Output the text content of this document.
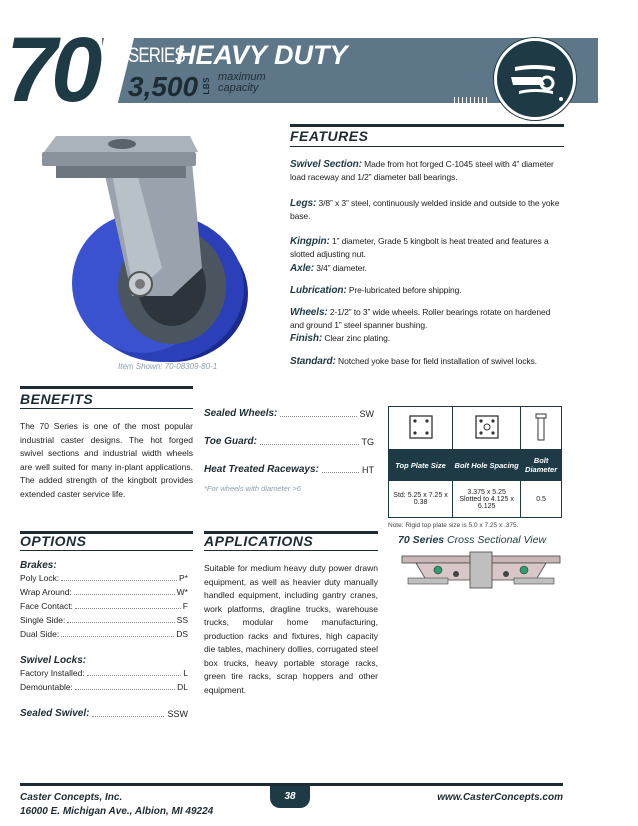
70 SERIES
HEAVY DUTY
3,500 LBS maximum
capacity
Item Shown: 70-08309-80-1
FEATURES
Swivel Section: Made from hot forged C-1045 steel with 4” diameter load raceway and 1/2” diameter ball bearings.
Legs: 3/8” x 3” steel, continuously welded inside and outside to the yoke base.
Kingpin: 1” diameter, Grade 5 kingbolt is heat treated and features a slotted adjusting nut.
Axle: 3/4” diameter.
Lubrication: Pre-lubricated before shipping.
Wheels: 2-1/2” to 3” wide wheels. Roller bearings rotate on hardened and ground 1” steel spanner bushing.
Finish: Clear zinc plating.
Standard: Notched yoke base for field installation of swivel locks.
BENEFITS
The 70 Series is one of the most popular industrial caster designs. The hot forged swivel sections and industrial width wheels are well suited for many in-plant applications. The added strength of the kingbolt provides extended caster service life.
Sealed Wheels:	SW
Toe Guard:	TG
Heat Treated Raceways:	HT
*For wheels with diameter >6

Top Plate Size	Bolt Hole Spacing	Bolt Diameter
Std: 5.25 x 7.25 x 0.38	3.375 x 5.25 Slotted to 4.125 x 6.125	0.5
Note: Rigid top plate size is 5.0 x 7.25 x .375.
OPTIONS
Brakes:
Poly Lock:	P*
Wrap Around:	W*
Face Contact:	F
Single Side:	SS
Dual Side:	DS
Swivel Locks:
Factory Installed:	L
Demountable:	DL
Sealed Swivel:	SSW
APPLICATIONS
Suitable for medium heavy duty power drawn equipment, as well as heavier duty manually handled equipment, including gantry cranes, work platforms, dragline trucks, warehouse trucks, modular home manufacturing, production racks and fixtures, high capacity die tables, machinery dollies, corrugated steel box trucks, heavy portable storage racks, green tire racks, scrap hoppers and other equipment.
70 Series Cross Sectional View
Caster Concepts, Inc.
16000 E. Michigan Ave., Albion, MI 49224
38	www.CasterConcepts.com
